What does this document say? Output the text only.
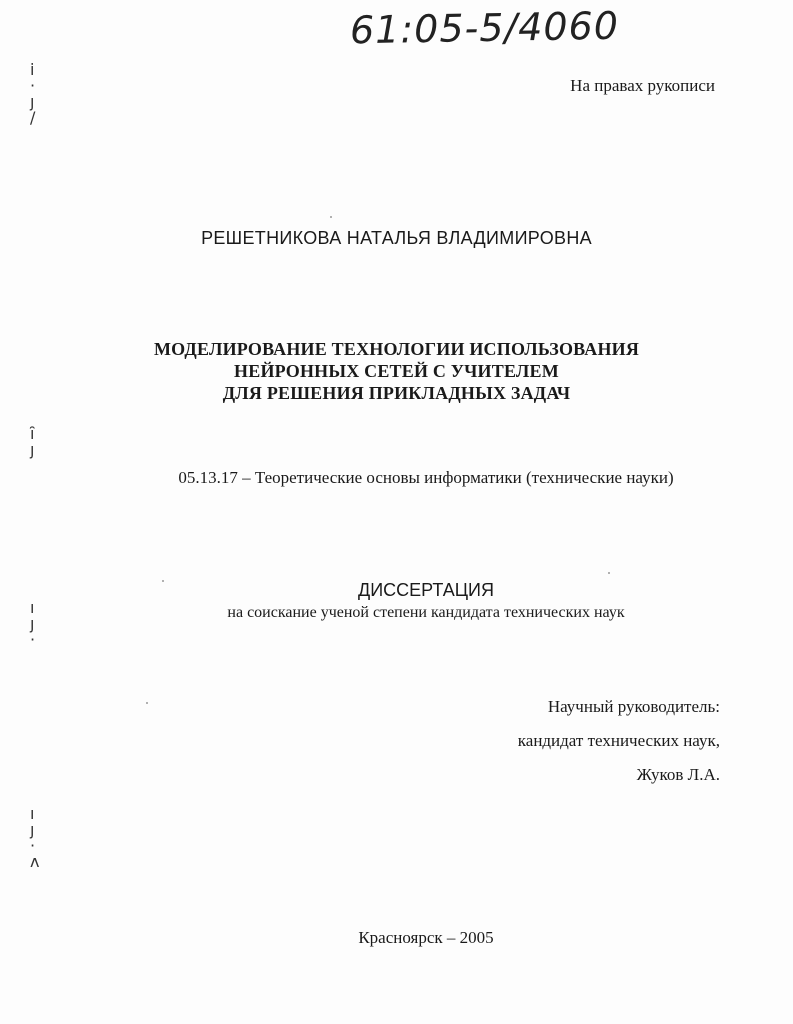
61:05-5/4060
На правах рукописи
РЕШЕТНИКОВА НАТАЛЬЯ ВЛАДИМИРОВНА
МОДЕЛИРОВАНИЕ ТЕХНОЛОГИИ ИСПОЛЬЗОВАНИЯ
НЕЙРОННЫХ СЕТЕЙ С УЧИТЕЛЕМ
ДЛЯ РЕШЕНИЯ ПРИКЛАДНЫХ ЗАДАЧ
05.13.17 – Теоретические основы информатики (технические науки)
ДИССЕРТАЦИЯ
на соискание ученой степени кандидата технических наук
Научный руководитель:
кандидат технических наук,
Жуков Л.А.
Красноярск – 2005
ⅰ
·
ȷ
/
ȋ
ȷ
ı
ȷ
·
ı
ȷ
·
ʌ
